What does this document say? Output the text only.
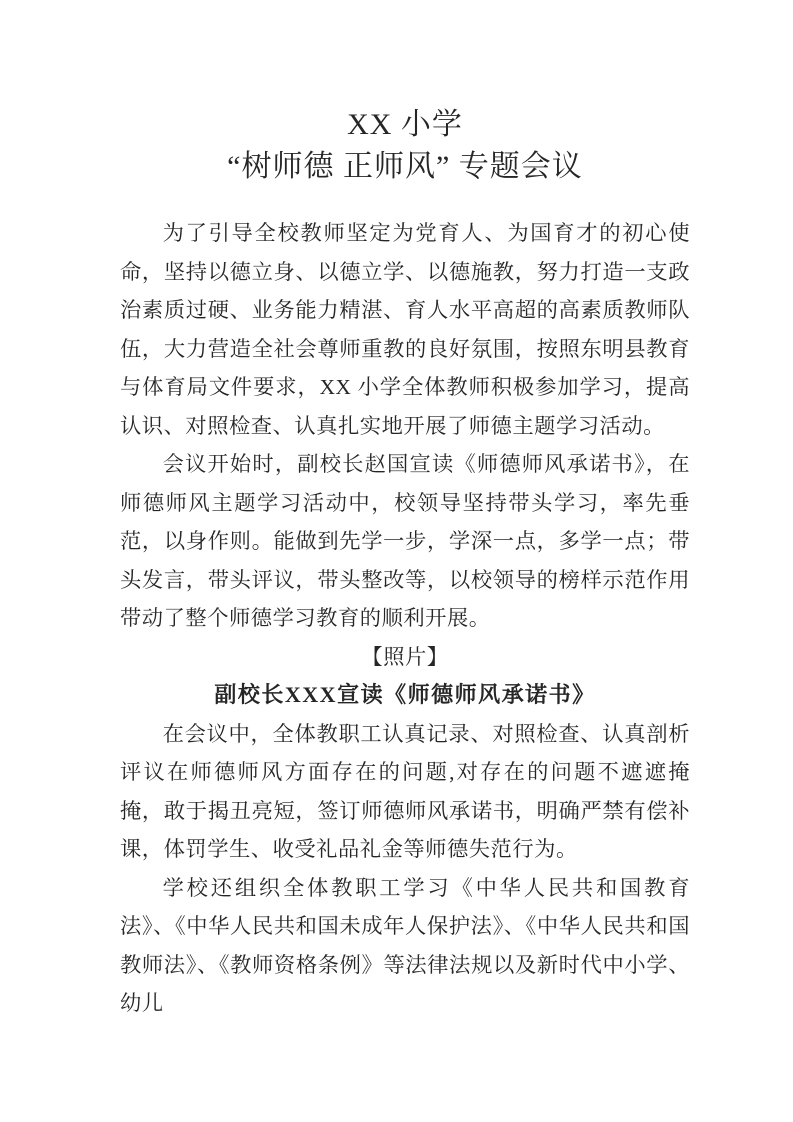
XX 小学
“树师德 正师风” 专题会议

为了引导全校教师坚定为党育人、为国育才的初心使命，坚持以德立身、以德立学、以德施教，努力打造一支政治素质过硬、业务能力精湛、育人水平高超的高素质教师队伍，大力营造全社会尊师重教的良好氛围，按照东明县教育与体育局文件要求，XX 小学全体教师积极参加学习，提高认识、对照检查、认真扎实地开展了师德主题学习活动。

会议开始时，副校长赵国宣读《师德师风承诺书》，在师德师风主题学习活动中，校领导坚持带头学习，率先垂范，以身作则。能做到先学一步，学深一点，多学一点；带头发言，带头评议，带头整改等，以校领导的榜样示范作用带动了整个师德学习教育的顺利开展。

【照片】

副校长XXX宣读《师德师风承诺书》

在会议中，全体教职工认真记录、对照检查、认真剖析评议在师德师风方面存在的问题,对存在的问题不遮遮掩掩，敢于揭丑亮短，签订师德师风承诺书，明确严禁有偿补课，体罚学生、收受礼品礼金等师德失范行为。

学校还组织全体教职工学习《中华人民共和国教育法》、《中华人民共和国未成年人保护法》、《中华人民共和国教师法》、《教师资格条例》等法律法规以及新时代中小学、幼儿
